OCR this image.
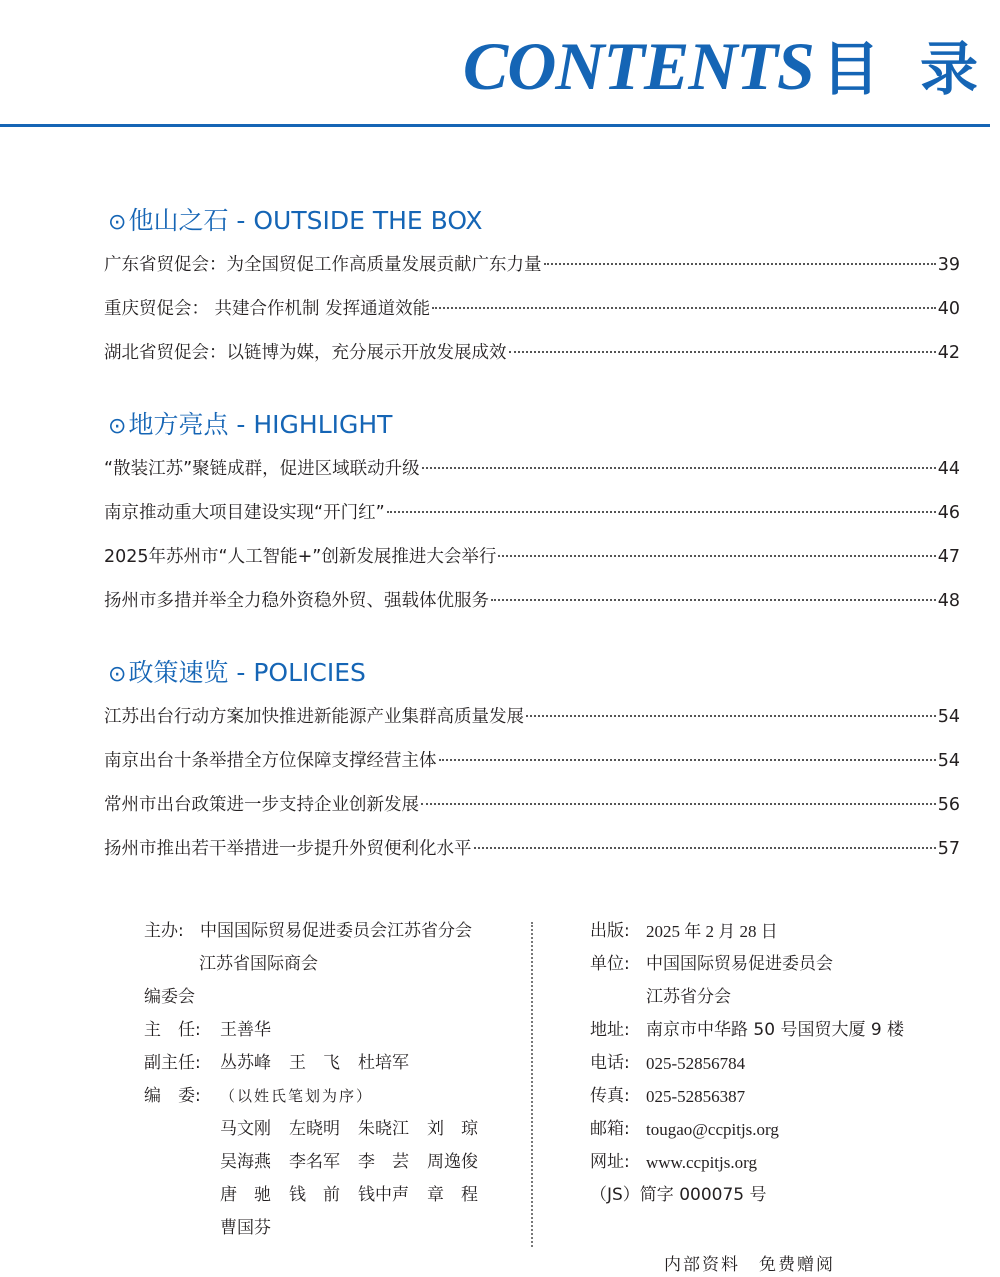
CONTENTS 目 录
⊙他山之石 - OUTSIDE THE BOX
广东省贸促会：为全国贸促工作高质量发展贡献广东力量	39
重庆贸促会： 共建合作机制 发挥通道效能	40
湖北省贸促会：以链博为媒，充分展示开放发展成效	42
⊙地方亮点 - HIGHLIGHT
“散装江苏”聚链成群，促进区域联动升级	44
南京推动重大项目建设实现“开门红”	46
2025年苏州市“人工智能+”创新发展推进大会举行	47
扬州市多措并举全力稳外资稳外贸、强载体优服务	48
⊙政策速览 - POLICIES
江苏出台行动方案加快推进新能源产业集群高质量发展	54
南京出台十条举措全方位保障支撑经营主体	54
常州市出台政策进一步支持企业创新发展	56
扬州市推出若干举措进一步提升外贸便利化水平	57
主办: 中国国际贸易促进委员会江苏省分会
江苏省国际商会
编委会
主　任:	王善华
副主任:	丛苏峰 王　飞 杜培军
编　委:	（以姓氏笔划为序）
马文刚 左晓明 朱晓江 刘　琼
吴海燕 李名军 李　芸 周逸俊
唐　驰 钱　前 钱中声 章　程
曹国芬
出版: 2025 年 2 月 28 日
单位: 中国国际贸易促进委员会
江苏省分会
地址: 南京市中华路 50 号国贸大厦 9 楼
电话: 025-52856784
传真: 025-52856387
邮箱: tougao@ccpitjs.org
网址: www.ccpitjs.org
（JS）简字 000075 号
内部资料　免费赠阅
